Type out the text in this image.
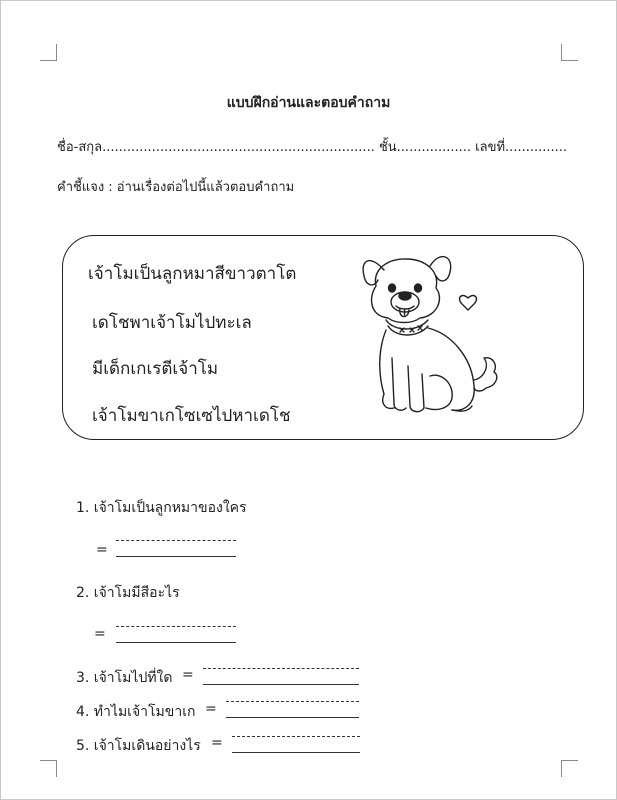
แบบฝึกอ่านและตอบคำถาม
ชื่อ-สกุล.................................................................. ชั้น.................. เลขที่...............
คำชี้แจง : อ่านเรื่องต่อไปนี้แล้วตอบคำถาม
เจ้าโมเป็นลูกหมาสีขาวตาโต
เดโชพาเจ้าโมไปทะเล
มีเด็กเกเรตีเจ้าโม
เจ้าโมขาเกโซเซไปหาเดโช
1. เจ้าโมเป็นลูกหมาของใคร
=
2. เจ้าโมมีสีอะไร
=
3. เจ้าโมไปที่ใด =
4. ทำไมเจ้าโมขาเก =
5. เจ้าโมเดินอย่างไร =
